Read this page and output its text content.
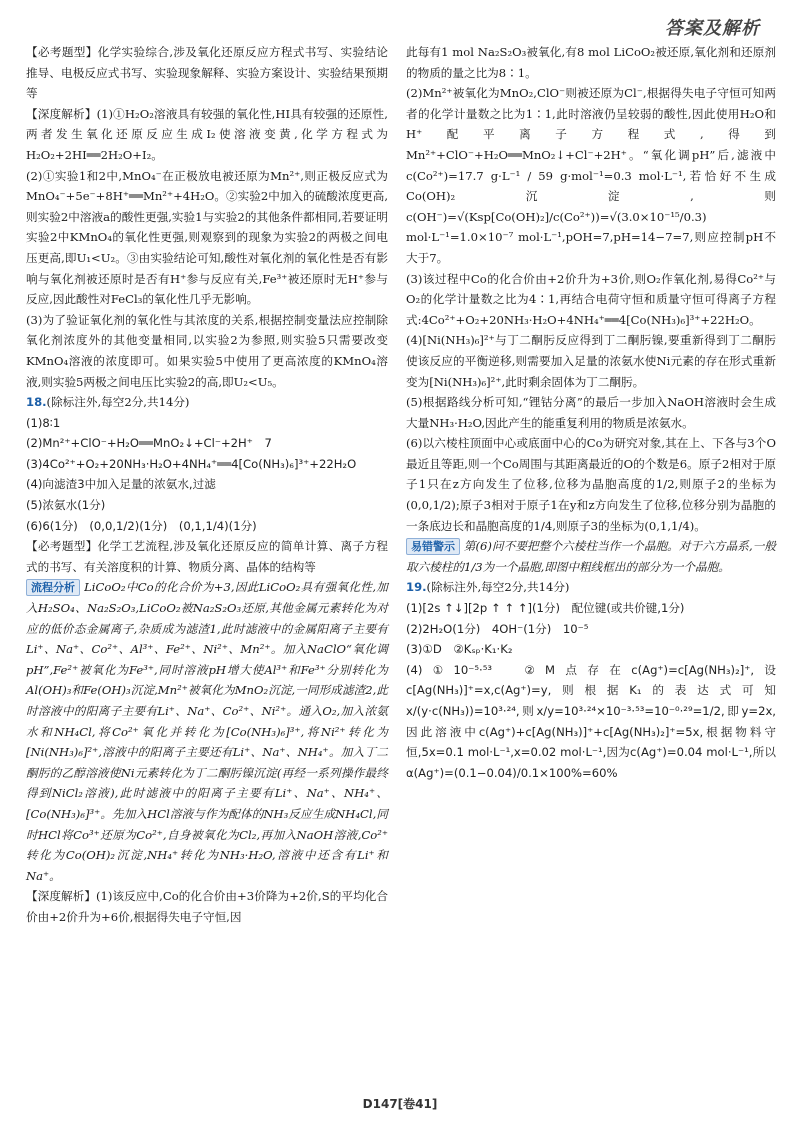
答案及解析

【必考题型】化学实验综合,涉及氧化还原反应方程式书写、实验结论推导、电极反应式书写、实验现象解释、实验方案设计、实验结果预期等

【深度解析】(1)①H₂O₂溶液具有较强的氧化性,HI具有较强的还原性,两者发生氧化还原反应生成I₂使溶液变黄,化学方程式为H₂O₂+2HI══2H₂O+I₂。

(2)①实验1和2中,MnO₄⁻在正极放电被还原为Mn²⁺,则正极反应式为MnO₄⁻+5e⁻+8H⁺══Mn²⁺+4H₂O。②实验2中加入的硫酸浓度更高,则实验2中溶液a的酸性更强,实验1与实验2的其他条件都相同,若要证明实验2中KMnO₄的氧化性更强,则观察到的现象为实验2的两极之间电压更高,即U₁<U₂。③由实验结论可知,酸性对氧化剂的氧化性是否有影响与氧化剂被还原时是否有H⁺参与反应有关,Fe³⁺被还原时无H⁺参与反应,因此酸性对FeCl₃的氧化性几乎无影响。

(3)为了验证氧化剂的氧化性与其浓度的关系,根据控制变量法应控制除氧化剂浓度外的其他变量相同,以实验2为参照,则实验5只需要改变KMnO₄溶液的浓度即可。如果实验5中使用了更高浓度的KMnO₄溶液,则实验5两极之间电压比实验2的高,即U₂<U₅。

18.(除标注外,每空2分,共14分)

(1)8∶1

(2)Mn²⁺+ClO⁻+H₂O══MnO₂↓+Cl⁻+2H⁺　7

(3)4Co²⁺+O₂+20NH₃·H₂O+4NH₄⁺══4[Co(NH₃)₆]³⁺+22H₂O

(4)向滤渣3中加入足量的浓氨水,过滤

(5)浓氨水(1分)

(6)6(1分)　(0,0,1/2)(1分)　(0,1,1/4)(1分)

【必考题型】化学工艺流程,涉及氧化还原反应的简单计算、离子方程式的书写、有关溶度积的计算、物质分离、晶体的结构等

流程分析 LiCoO₂中Co的化合价为+3,因此LiCoO₂具有强氧化性,加入H₂SO₄、Na₂S₂O₃,LiCoO₂被Na₂S₂O₃还原,其他金属元素转化为对应的低价态金属离子,杂质成为滤渣1,此时滤液中的金属阳离子主要有Li⁺、Na⁺、Co²⁺、Al³⁺、Fe²⁺、Ni²⁺、Mn²⁺。加入NaClO“氧化调pH”,Fe²⁺被氧化为Fe³⁺,同时溶液pH增大使Al³⁺和Fe³⁺分别转化为Al(OH)₃和Fe(OH)₃沉淀,Mn²⁺被氧化为MnO₂沉淀,一同形成滤渣2,此时溶液中的阳离子主要有Li⁺、Na⁺、Co²⁺、Ni²⁺。通入O₂,加入浓氨水和NH₄Cl,将Co²⁺氧化并转化为[Co(NH₃)₆]³⁺,将Ni²⁺转化为[Ni(NH₃)₆]²⁺,溶液中的阳离子主要还有Li⁺、Na⁺、NH₄⁺。加入丁二酮肟的乙醇溶液使Ni元素转化为丁二酮肟镍沉淀(再经一系列操作最终得到NiCl₂溶液),此时滤液中的阳离子主要有Li⁺、Na⁺、NH₄⁺、[Co(NH₃)₆]³⁺。先加入HCl溶液与作为配体的NH₃反应生成NH₄Cl,同时HCl将Co³⁺还原为Co²⁺,自身被氧化为Cl₂,再加入NaOH溶液,Co²⁺转化为Co(OH)₂沉淀,NH₄⁺转化为NH₃·H₂O,溶液中还含有Li⁺和Na⁺。

【深度解析】(1)该反应中,Co的化合价由+3价降为+2价,S的平均化合价由+2价升为+6价,根据得失电子守恒,因

此每有1 mol Na₂S₂O₃被氧化,有8 mol LiCoO₂被还原,氧化剂和还原剂的物质的量之比为8∶1。

(2)Mn²⁺被氧化为MnO₂,ClO⁻则被还原为Cl⁻,根据得失电子守恒可知两者的化学计量数之比为1∶1,此时溶液仍呈较弱的酸性,因此使用H₂O和H⁺配平离子方程式,得到Mn²⁺+ClO⁻+H₂O══MnO₂↓+Cl⁻+2H⁺。“氧化调pH”后,滤液中c(Co²⁺)=17.7 g·L⁻¹ / 59 g·mol⁻¹=0.3 mol·L⁻¹,若恰好不生成Co(OH)₂沉淀,则c(OH⁻)=√(Ksp[Co(OH)₂]/c(Co²⁺))=√(3.0×10⁻¹⁵/0.3) mol·L⁻¹=1.0×10⁻⁷ mol·L⁻¹,pOH=7,pH=14−7=7,则应控制pH不大于7。

(3)该过程中Co的化合价由+2价升为+3价,则O₂作氧化剂,易得Co²⁺与O₂的化学计量数之比为4∶1,再结合电荷守恒和质量守恒可得离子方程式:4Co²⁺+O₂+20NH₃·H₂O+4NH₄⁺══4[Co(NH₃)₆]³⁺+22H₂O。

(4)[Ni(NH₃)₆]²⁺与丁二酮肟反应得到丁二酮肟镍,要重新得到丁二酮肟使该反应的平衡逆移,则需要加入足量的浓氨水使Ni元素的存在形式重新变为[Ni(NH₃)₆]²⁺,此时剩余固体为丁二酮肟。

(5)根据路线分析可知,“锂钴分离”的最后一步加入NaOH溶液时会生成大量NH₃·H₂O,因此产生的能重复利用的物质是浓氨水。

(6)以六棱柱顶面中心或底面中心的Co为研究对象,其在上、下各与3个O最近且等距,则一个Co周围与其距离最近的O的个数是6。原子2相对于原子1只在z方向发生了位移,位移为晶胞高度的1/2,则原子2的坐标为(0,0,1/2);原子3相对于原子1在y和z方向发生了位移,位移分别为晶胞的一条底边长和晶胞高度的1/4,则原子3的坐标为(0,1,1/4)。

易错警示 第(6)问不要把整个六棱柱当作一个晶胞。对于六方晶系,一般取六棱柱的1/3为一个晶胞,即图中粗线框出的部分为一个晶胞。

19.(除标注外,每空2分,共14分)

(1)[2s ↑↓][2p ↑ ↑ ↑](1分)　配位键(或共价键,1分)

(2)2H₂O(1分)　4OH⁻(1分)　10⁻⁵

(3)①D　②Kₛₚ·K₁·K₂

(4)①10⁻⁵·⁵³　②M点存在c(Ag⁺)=c[Ag(NH₃)₂]⁺,设c[Ag(NH₃)]⁺=x,c(Ag⁺)=y,则根据K₁的表达式可知x/(y·c(NH₃))=10³·²⁴,则x/y=10³·²⁴×10⁻³·⁵³=10⁻⁰·²⁹=1/2,即y=2x,因此溶液中c(Ag⁺)+c[Ag(NH₃)]⁺+c[Ag(NH₃)₂]⁺=5x,根据物料守恒,5x=0.1 mol·L⁻¹,x=0.02 mol·L⁻¹,因为c(Ag⁺)=0.04 mol·L⁻¹,所以α(Ag⁺)=(0.1−0.04)/0.1×100%=60%

D147[卷41]
